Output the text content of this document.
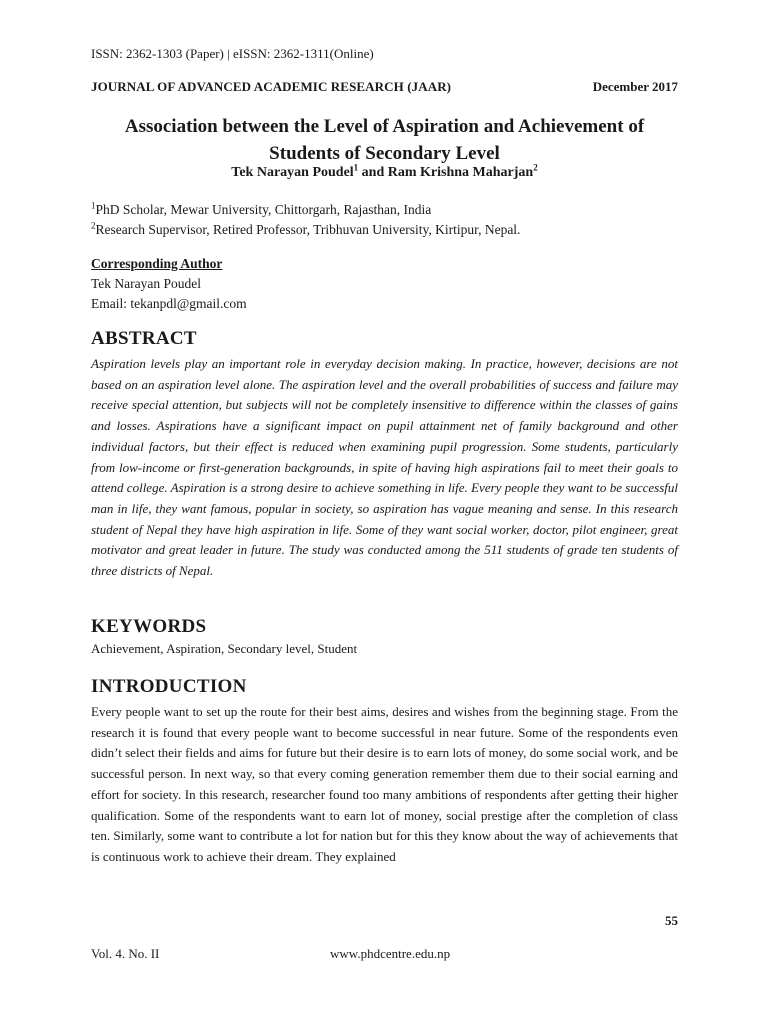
ISSN: 2362-1303 (Paper) | eISSN: 2362-1311(Online)
JOURNAL OF ADVANCED ACADEMIC RESEARCH (JAAR)	December 2017
Association between the Level of Aspiration and Achievement of Students of Secondary Level
Tek Narayan Poudel$^1$ and Ram Krishna Maharjan$^2$
$^1$PhD Scholar, Mewar University, Chittorgarh, Rajasthan, India
$^2$Research Supervisor, Retired Professor, Tribhuvan University, Kirtipur, Nepal.
Corresponding Author
Tek Narayan Poudel
Email: tekanpdl@gmail.com
ABSTRACT

Aspiration levels play an important role in everyday decision making. In practice, however, decisions are not based on an aspiration level alone. The aspiration level and the overall probabilities of success and failure may receive special attention, but subjects will not be completely insensitive to difference within the classes of gains and losses. Aspirations have a significant impact on pupil attainment net of family background and other individual factors, but their effect is reduced when examining pupil progression. Some students, particularly from low-income or first-generation backgrounds, in spite of having high aspirations fail to meet their goals to attend college. Aspiration is a strong desire to achieve something in life. Every people they want to be successful man in life, they want famous, popular in society, so aspiration has vague meaning and sense. In this research student of Nepal they have high aspiration in life. Some of they want social worker, doctor, pilot engineer, great motivator and great leader in future. The study was conducted among the 511 students of grade ten students of three districts of Nepal.

KEYWORDS
Achievement, Aspiration, Secondary level, Student
INTRODUCTION

Every people want to set up the route for their best aims, desires and wishes from the beginning stage. From the research it is found that every people want to become successful in near future. Some of the respondents even didn’t select their fields and aims for future but their desire is to earn lots of money, do some social work, and be successful person. In next way, so that every coming generation remember them due to their social earning and effort for society. In this research, researcher found too many ambitions of respondents after getting their higher qualification. Some of the respondents want to earn lot of money, social prestige after the completion of class ten. Similarly, some want to contribute a lot for nation but for this they know about the way of achievements that is continuous work to achieve their dream. They explained

55
Vol. 4. No. II	www.phdcentre.edu.np
